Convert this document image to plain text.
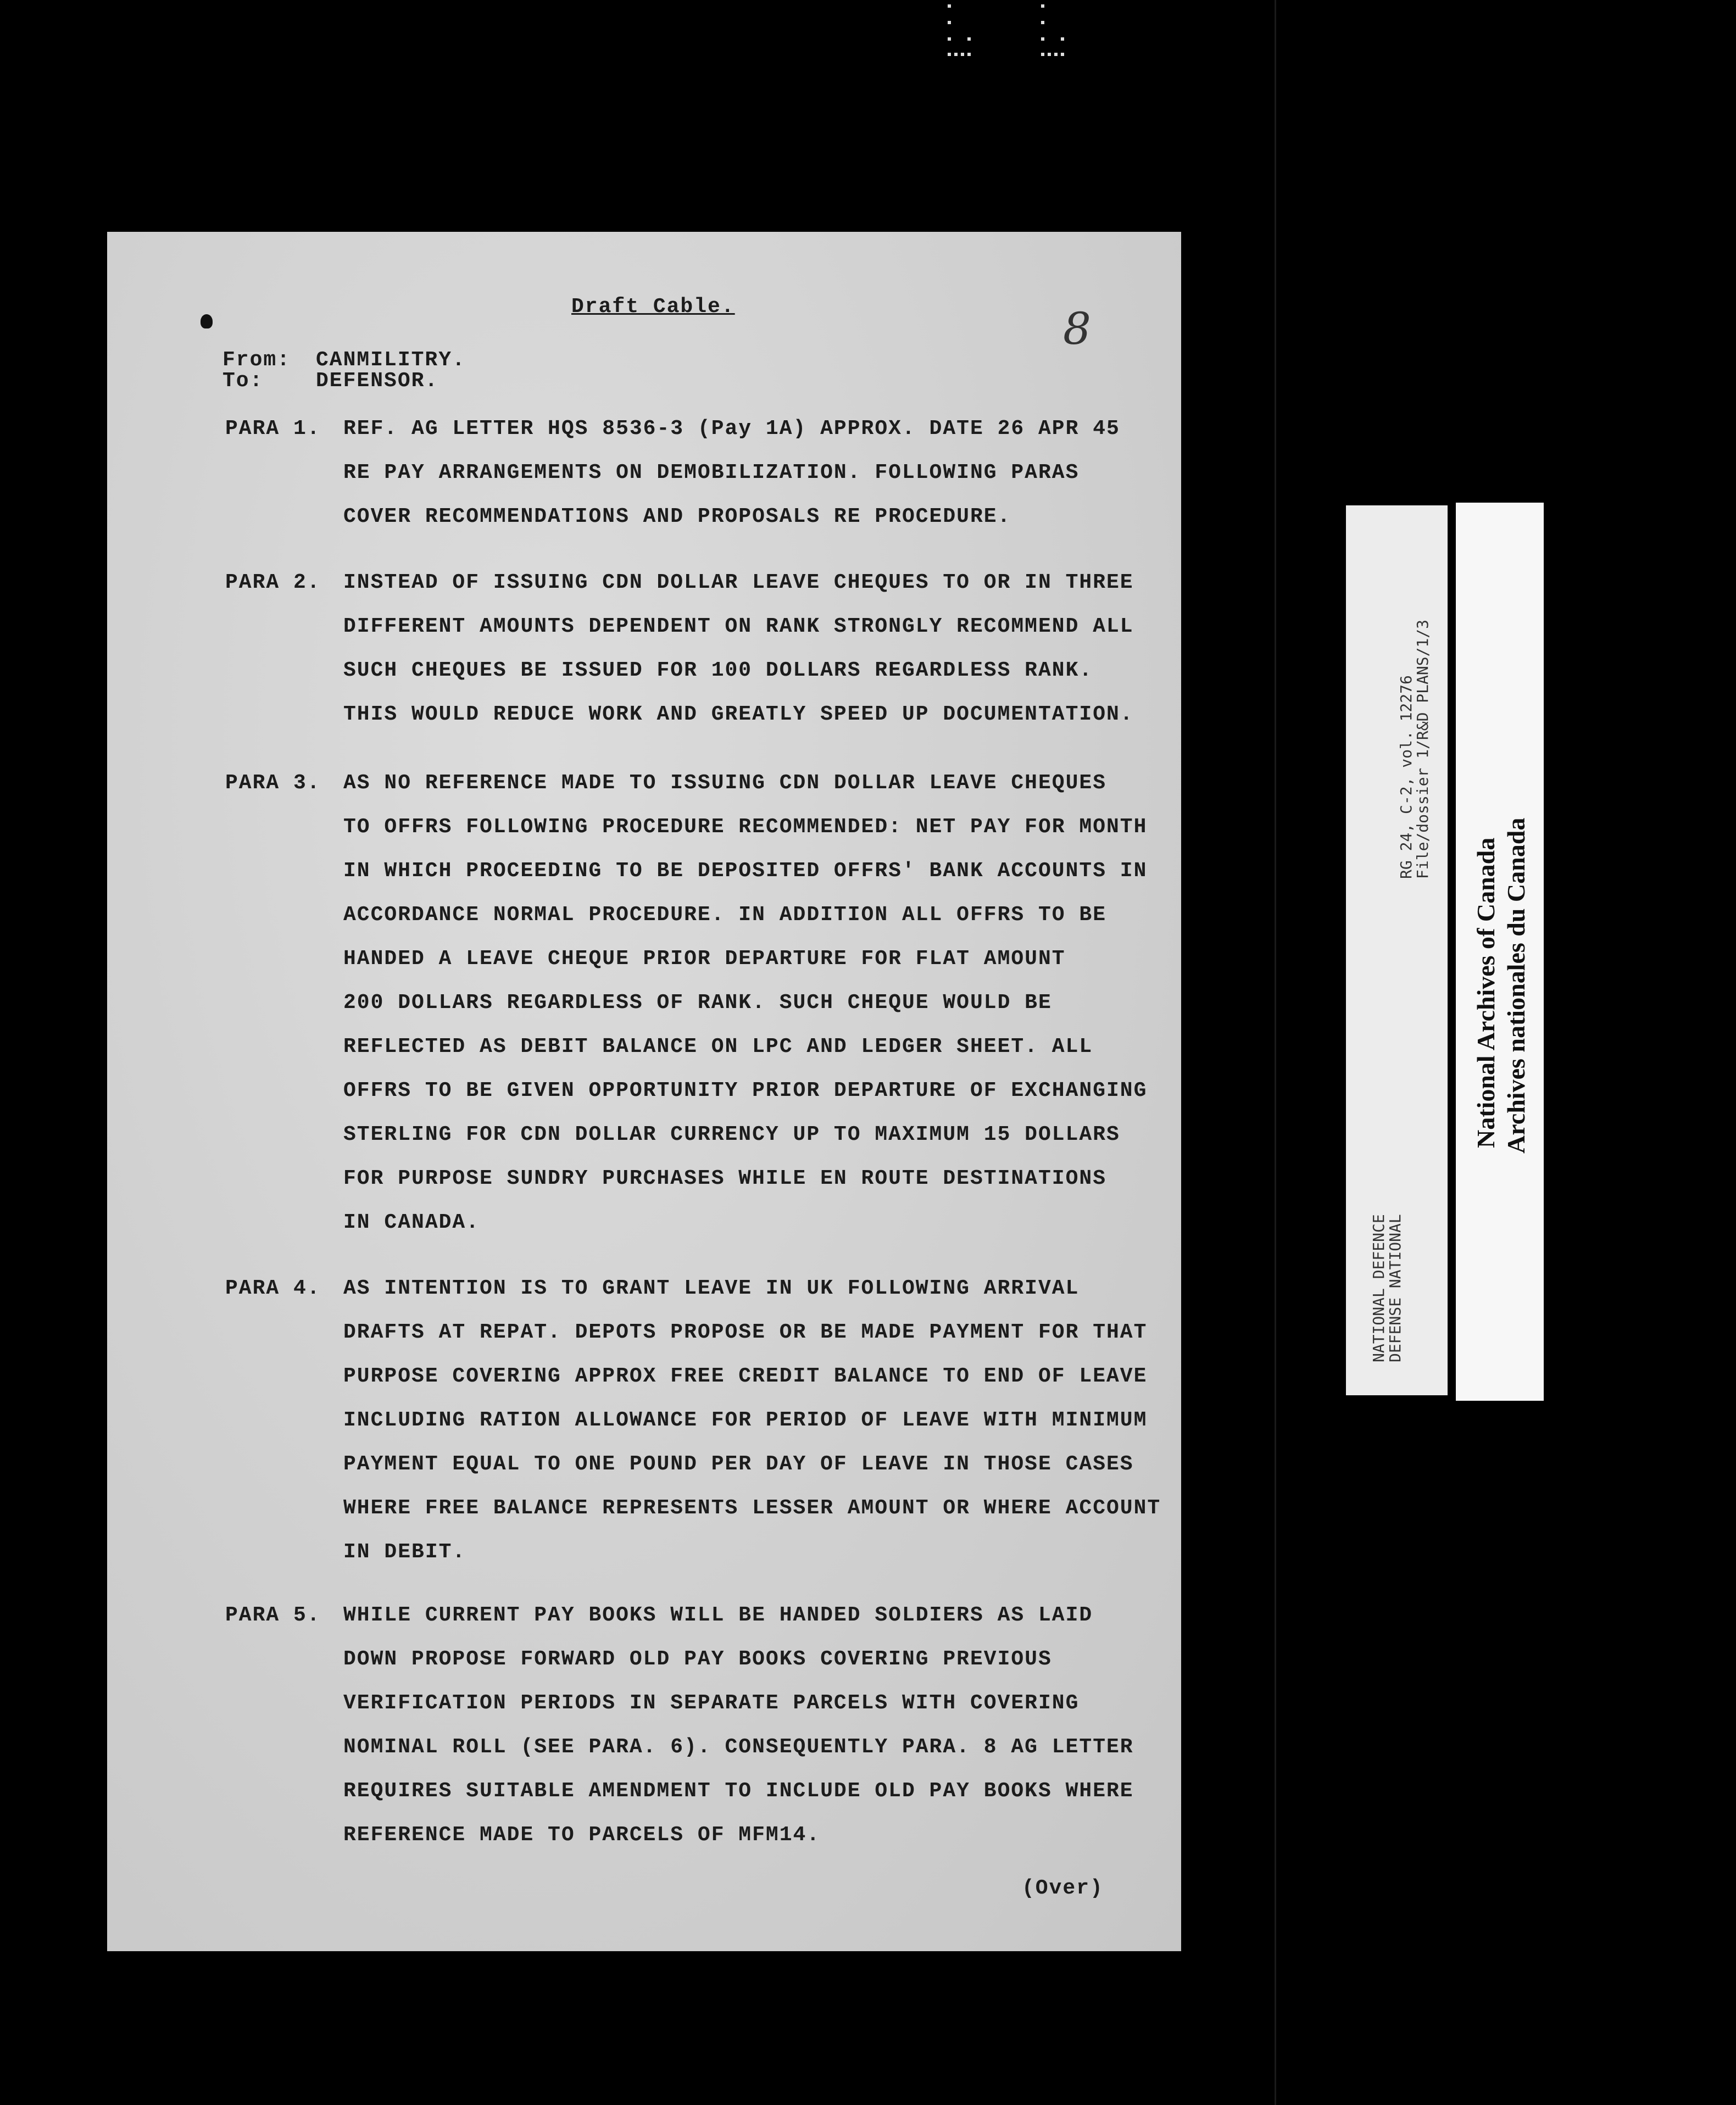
Draft Cable.	8
From: CANMILITRY.
To:	DEFENSOR.
PARA 1. REF. AG LETTER HQS 8536-3 (Pay 1A) APPROX. DATE 26 APR 45
RE PAY ARRANGEMENTS ON DEMOBILIZATION. FOLLOWING PARAS
COVER RECOMMENDATIONS AND PROPOSALS RE PROCEDURE.
PARA 2. INSTEAD OF ISSUING CDN DOLLAR LEAVE CHEQUES TO OR IN THREE
DIFFERENT AMOUNTS DEPENDENT ON RANK STRONGLY RECOMMEND ALL
SUCH CHEQUES BE ISSUED FOR 100 DOLLARS REGARDLESS RANK.
THIS WOULD REDUCE WORK AND GREATLY SPEED UP DOCUMENTATION.
PARA 3. AS NO REFERENCE MADE TO ISSUING CDN DOLLAR LEAVE CHEQUES
TO OFFRS FOLLOWING PROCEDURE RECOMMENDED: NET PAY FOR MONTH
IN WHICH PROCEEDING TO BE DEPOSITED OFFRS' BANK ACCOUNTS IN
ACCORDANCE NORMAL PROCEDURE. IN ADDITION ALL OFFRS TO BE
HANDED A LEAVE CHEQUE PRIOR DEPARTURE FOR FLAT AMOUNT
200 DOLLARS REGARDLESS OF RANK. SUCH CHEQUE WOULD BE
REFLECTED AS DEBIT BALANCE ON LPC AND LEDGER SHEET. ALL
OFFRS TO BE GIVEN OPPORTUNITY PRIOR DEPARTURE OF EXCHANGING
STERLING FOR CDN DOLLAR CURRENCY UP TO MAXIMUM 15 DOLLARS
FOR PURPOSE SUNDRY PURCHASES WHILE EN ROUTE DESTINATIONS
IN CANADA.
PARA 4. AS INTENTION IS TO GRANT LEAVE IN UK FOLLOWING ARRIVAL
DRAFTS AT REPAT. DEPOTS PROPOSE OR BE MADE PAYMENT FOR THAT
PURPOSE COVERING APPROX FREE CREDIT BALANCE TO END OF LEAVE
INCLUDING RATION ALLOWANCE FOR PERIOD OF LEAVE WITH MINIMUM
PAYMENT EQUAL TO ONE POUND PER DAY OF LEAVE IN THOSE CASES
WHERE FREE BALANCE REPRESENTS LESSER AMOUNT OR WHERE ACCOUNT
IN DEBIT.
PARA 5. WHILE CURRENT PAY BOOKS WILL BE HANDED SOLDIERS AS LAID
DOWN PROPOSE FORWARD OLD PAY BOOKS COVERING PREVIOUS
VERIFICATION PERIODS IN SEPARATE PARCELS WITH COVERING
NOMINAL ROLL (SEE PARA. 6). CONSEQUENTLY PARA. 8 AG LETTER
REQUIRES SUITABLE AMENDMENT TO INCLUDE OLD PAY BOOKS WHERE
REFERENCE MADE TO PARCELS OF MFM14.
(Over)
NATIONAL DEFENCE
DEFENSE NATIONAL
RG 24, C-2, vol. 12276
File/dossier 1/R&D PLANS/1/3
National Archives of Canada Archives nationales du Canada
